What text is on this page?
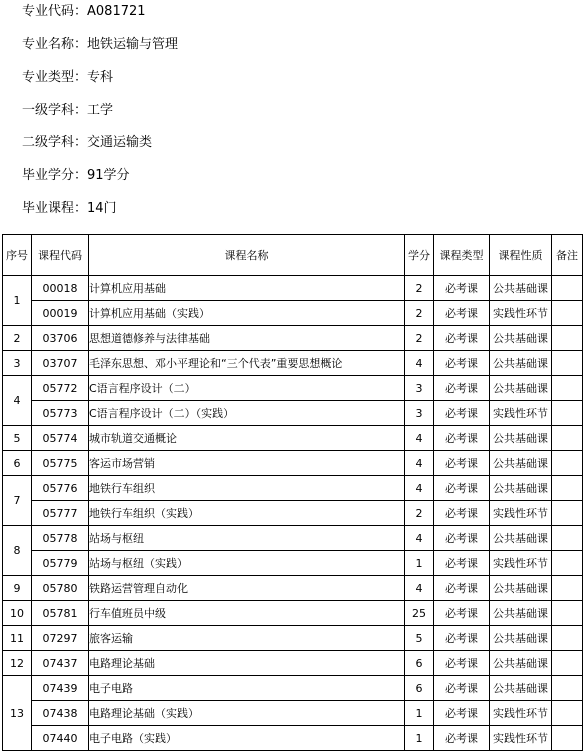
专业代码：A081721
专业名称：地铁运输与管理
专业类型：专科
一级学科：工学
二级学科：交通运输类
毕业学分：91学分
毕业课程：14门
序号	课程代码	课程名称	学分	课程类型	课程性质	备注
1	00018	计算机应用基础	2	必考课	公共基础课	
	00019	计算机应用基础（实践）	2	必考课	实践性环节	
2	03706	思想道德修养与法律基础	2	必考课	公共基础课	
3	03707	毛泽东思想、邓小平理论和“三个代表”重要思想概论	4	必考课	公共基础课	
4	05772	C语言程序设计（二）	3	必考课	公共基础课	
	05773	C语言程序设计（二）（实践）	3	必考课	实践性环节	
5	05774	城市轨道交通概论	4	必考课	公共基础课	
6	05775	客运市场营销	4	必考课	公共基础课	
7	05776	地铁行车组织	4	必考课	公共基础课	
	05777	地铁行车组织（实践）	2	必考课	实践性环节	
8	05778	站场与枢纽	4	必考课	公共基础课	
	05779	站场与枢纽（实践）	1	必考课	实践性环节	
9	05780	铁路运营管理自动化	4	必考课	公共基础课	
10	05781	行车值班员中级	25	必考课	公共基础课	
11	07297	旅客运输	5	必考课	公共基础课	
12	07437	电路理论基础	6	必考课	公共基础课	
13	07439	电子电路	6	必考课	公共基础课	
	07438	电路理论基础（实践）	1	必考课	实践性环节	
	07440	电子电路（实践）	1	必考课	实践性环节	
